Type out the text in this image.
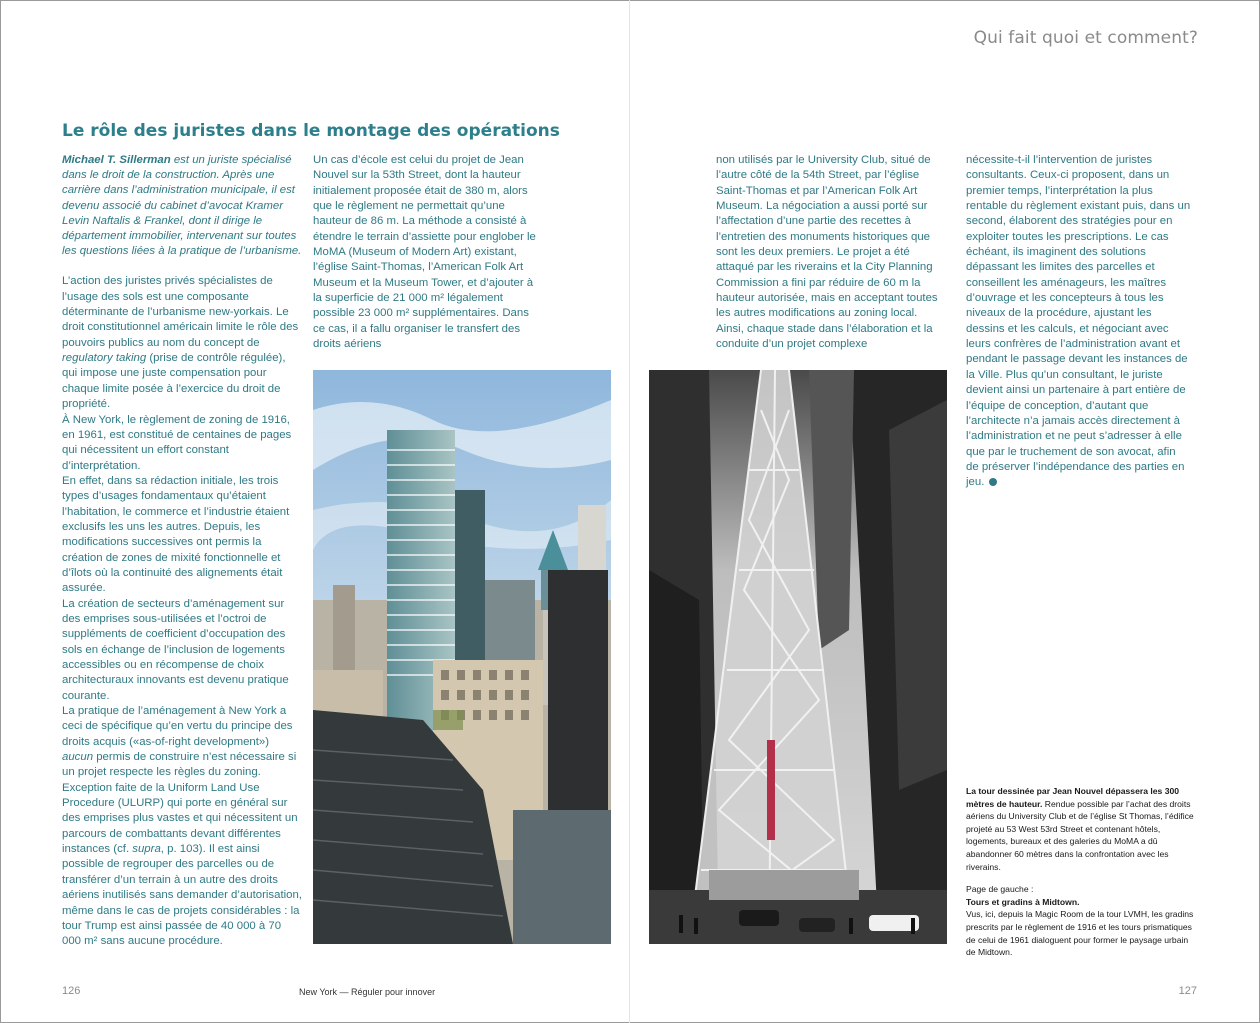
Qui fait quoi et comment?
Le rôle des juristes dans le montage des opérations

Michael T. Sillerman est un juriste spécialisé dans le droit de la construction. Après une carrière dans l’administration municipale, il est devenu associé du cabinet d’avocat Kramer Levin Naftalis & Frankel, dont il dirige le département immobilier, intervenant sur toutes les questions liées à la pratique de l’urbanisme.

L’action des juristes privés spécialistes de l’usage des sols est une composante déterminante de l’urbanisme new-yorkais. Le droit constitutionnel américain limite le rôle des pouvoirs publics au nom du concept de regulatory taking (prise de contrôle régulée), qui impose une juste compensation pour chaque limite posée à l’exercice du droit de propriété.

À New York, le règlement de zoning de 1916, en 1961, est constitué de centaines de pages qui nécessitent un effort constant d’interprétation.

En effet, dans sa rédaction initiale, les trois types d’usages fondamentaux qu’étaient l’habitation, le commerce et l’industrie étaient exclusifs les uns les autres. Depuis, les modifications successives ont permis la création de zones de mixité fonctionnelle et d’îlots où la continuité des alignements était assurée.

La création de secteurs d’aménagement sur des emprises sous-utilisées et l’octroi de suppléments de coefficient d’occupation des sols en échange de l’inclusion de logements accessibles ou en récompense de choix architecturaux innovants est devenu pratique courante.

La pratique de l’aménagement à New York a ceci de spécifique qu’en vertu du principe des droits acquis («as-of-right development») aucun permis de construire n’est nécessaire si un projet respecte les règles du zoning. Exception faite de la Uniform Land Use Procedure (ULURP) qui porte en général sur des emprises plus vastes et qui nécessitent un parcours de combattants devant différentes instances (cf. supra, p. 103). Il est ainsi possible de regrouper des parcelles ou de transférer d’un terrain à un autre des droits aériens inutilisés sans demander d’autorisation, même dans le cas de projets considérables : la tour Trump est ainsi passée de 40 000 à 70 000 m² sans aucune procédure.

Un cas d’école est celui du projet de Jean Nouvel sur la 53th Street, dont la hauteur initialement proposée était de 380 m, alors que le règlement ne permettait qu’une hauteur de 86 m. La méthode a consisté à étendre le terrain d’assiette pour englober le MoMA (Museum of Modern Art) existant, l’église Saint-Thomas, l’American Folk Art Museum et la Museum Tower, et d’ajouter à la superficie de 21 000 m² légalement possible 23 000 m² supplémentaires. Dans ce cas, il a fallu organiser le transfert des droits aériens

non utilisés par le University Club, situé de l’autre côté de la 54th Street, par l’église Saint-Thomas et par l’American Folk Art Museum. La négociation a aussi porté sur l’affectation d’une partie des recettes à l’entretien des monuments historiques que sont les deux premiers. Le projet a été attaqué par les riverains et la City Planning Commission a fini par réduire de 60 m la hauteur autorisée, mais en acceptant toutes les autres modifications au zoning local. Ainsi, chaque stade dans l’élaboration et la conduite d’un projet complexe

nécessite-t-il l’intervention de juristes consultants. Ceux-ci proposent, dans un premier temps, l’interprétation la plus rentable du règlement existant puis, dans un second, élaborent des stratégies pour en exploiter toutes les prescriptions. Le cas échéant, ils imaginent des solutions dépassant les limites des parcelles et conseillent les aménageurs, les maîtres d’ouvrage et les concepteurs à tous les niveaux de la procédure, ajustant les dessins et les calculs, et négociant avec leurs confrères de l’administration avant et pendant le passage devant les instances de la Ville. Plus qu’un consultant, le juriste devient ainsi un partenaire à part entière de l’équipe de conception, d’autant que l’architecte n’a jamais accès directement à l’administration et ne peut s’adresser à elle que par le truchement de son avocat, afin de préserver l’indépendance des parties en jeu.

La tour dessinée par Jean Nouvel dépassera les 300 mètres de hauteur. Rendue possible par l’achat des droits aériens du University Club et de l’église St Thomas, l’édifice projeté au 53 West 53rd Street et contenant hôtels, logements, bureaux et des galeries du MoMA a dû abandonner 60 mètres dans la confrontation avec les riverains.

Page de gauche :
Tours et gradins à Midtown.
Vus, ici, depuis la Magic Room de la tour LVMH, les gradins prescrits par le règlement de 1916 et les tours prismatiques de celui de 1961 dialoguent pour former le paysage urbain de Midtown.

126	New York — Réguler pour innover	127
